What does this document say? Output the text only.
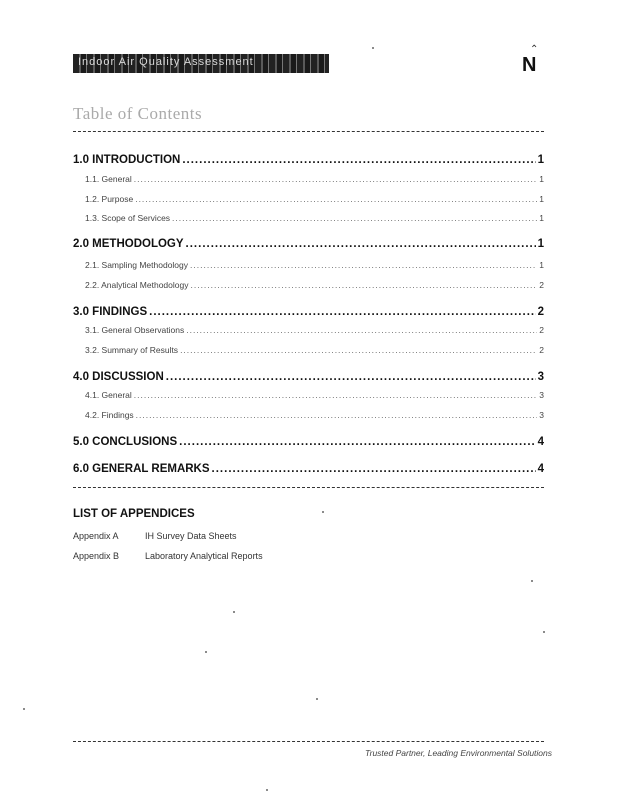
Indoor Air Quality Assessment
⌃
N
Table of Contents
1.0 INTRODUCTION .....	1
1.1. General .....	1
1.2. Purpose .....	1
1.3. Scope of Services .....	1
2.0 METHODOLOGY .....	1
2.1. Sampling Methodology .....	1
2.2. Analytical Methodology .....	2
3.0 FINDINGS .....	2
3.1. General Observations .....	2
3.2. Summary of Results .....	2
4.0 DISCUSSION .....	3
4.1. General .....	3
4.2. Findings .....	3
5.0 CONCLUSIONS .....	4
6.0 GENERAL REMARKS .....	4
LIST OF APPENDICES
Appendix A	IH Survey Data Sheets
Appendix B	Laboratory Analytical Reports
Trusted Partner, Leading Environmental Solutions
